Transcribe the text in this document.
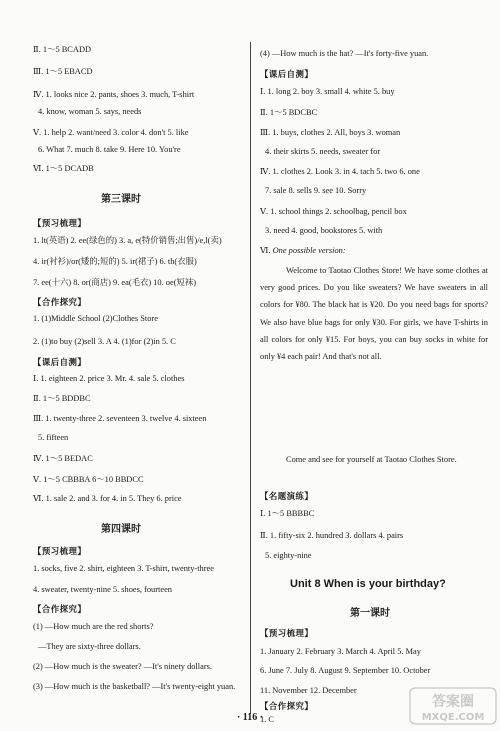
Ⅱ. 1～5 BCADD
Ⅲ. 1～5 EBACD
Ⅳ. 1. looks nice 2. pants, shoes 3. much, T-shirt
4. know, woman 5. says, needs
Ⅴ. 1. help 2. want/need 3. color 4. don't 5. like
6. What 7. much 8. take 9. Here 10. You're
Ⅵ. 1～5 DCADB
第三课时
【预习梳理】
1. lt(英语) 2. ee(绿色的) 3. a, e(特价销售;出售)/e,l(卖)
4. ir(衬衫)/or(矮的;短的) 5. ir(裙子) 6. th(衣服)
7. ee(十六) 8. or(商店) 9. ea(毛衣) 10. oe(短袜)
【合作探究】
1. (1)Middle School (2)Clothes Store
2. (1)to buy (2)sell 3. A 4. (1)for (2)in 5. C
【课后自测】
Ⅰ. 1. eighteen 2. price 3. Mr. 4. sale 5. clothes
Ⅱ. 1～5 BDDBC
Ⅲ. 1. twenty-three 2. seventeen 3. twelve 4. sixteen
5. fifteen
Ⅳ. 1～5 BEDAC
Ⅴ. 1～5 CBBBA 6～10 BBDCC
Ⅵ. 1. sale 2. and 3. for 4. in 5. They 6. price
第四课时
【预习梳理】
1. socks, five 2. shirt, eighteen 3. T-shirt, twenty-three
4. sweater, twenty-nine 5. shoes, fourteen
【合作探究】
(1) —How much are the red shorts?
—They are sixty-three dollars.
(2) —How much is the sweater? —It's ninety dollars.
(3) —How much is the basketball? —It's twenty-eight yuan.
(4) —How much is the hat? —It's forty-five yuan.
【课后自测】
Ⅰ. 1. long 2. boy 3. small 4. white 5. buy
Ⅱ. 1～5 BDCBC
Ⅲ. 1. buys, clothes 2. All, boys 3. woman
4. their skirts 5. needs, sweater for
Ⅳ. 1. clothes 2. Look 3. in 4. tach 5. two 6. one
7. sale 8. sells 9. see 10. Sorry
Ⅴ. 1. school things 2. schoolbag, pencil box
3. need 4. good, bookstores 5. with
Ⅵ. One possible version:
Welcome to Taotao Clothes Store! We have some clothes at very good prices. Do you like sweaters? We have sweaters in all colors for ¥80. The black hat is ¥20. Do you need bags for sports? We also have blue bags for only ¥30. For girls, we have T-shirts in all colors for only ¥15. For boys, you can buy socks in white for only ¥4 each pair! And that's not all.
Come and see for yourself at Taotao Clothes Store.
【名题演练】
Ⅰ. 1～5 BBBBC
Ⅱ. 1. fifty-six 2. hundred 3. dollars 4. pairs
5. eighty-nine
Unit 8 When is your birthday?
第一课时
【预习梳理】
1. January 2. February 3. March 4. April 5. May
6. June 7. July 8. August 9. September 10. October
11. November 12. December
【合作探究】
1. C
· 116 ·
答案圈
MXQE.COM
